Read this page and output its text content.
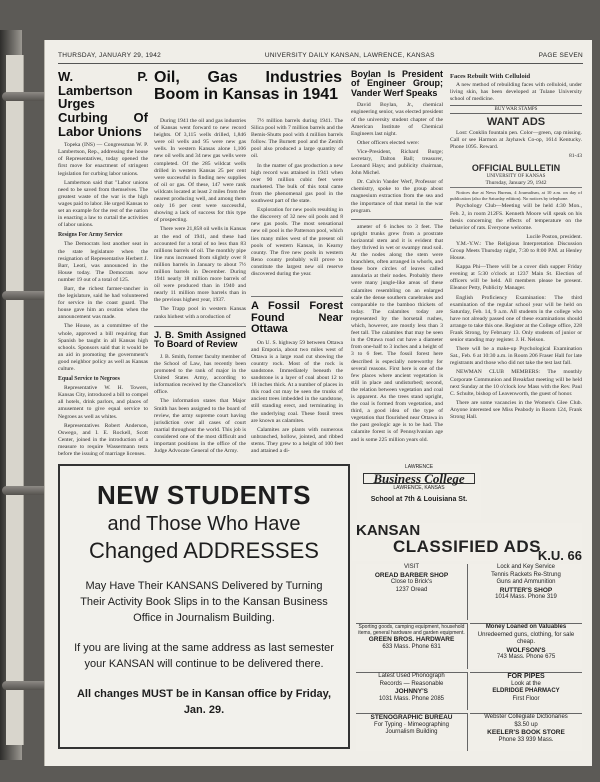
THURSDAY, JANUARY 29, 1942	UNIVERSITY DAILY KANSAN, LAWRENCE, KANSAS	PAGE SEVEN
W. P. Lambertson Urges Curbing Of Labor Unions

Topeka (INS) — Congressman W. P. Lambertson, Rep., addressing the house of Representatives, today opened the first move for enactment of stringent legislation for curbing labor unions.

Lambertson said that "Labor unions need to be saved from themselves. The greatest waste of the war is the high wages paid to labor. He urged Kansas to set an example for the rest of the nation in enacting a law to curtail the activities of labor unions.

Resigns For Army Service

The Democrats lost another seat in the state legislature when the resignation of Representative Herbert J. Barr, Leoti, was announced in the House today. The Democrats now number 19 out of a total of 125.

Barr, the richest farmer-rancher in the legislature, said he had volunteered for service in the coast guard. The house gave him an ovation when the announcement was made.

The House, as a committee of the whole, approved a bill requiring that Spanish be taught in all Kansas high schools. Sponsors said that it would be an aid in promoting the government's good neighbor policy as well as Kansas culture.

Equal Service to Negroes

Representative W. H. Towers, Kansas City, introduced a bill to compel all hotels, drink parlors, and places of amusement to give equal service to Negroes as well as whites.

Representatives Robert Anderson, Oswego, and I. E. Rockell, Scott Center, joined in the introduction of a measure to require Wassermann tests before the issuing of marriage licenses.

Oil, Gas Industries Boom in Kansas in 1941

During 1941 the oil and gas industries of Kansas went forward to new record heights. Of 3,115 wells drilled, 1,846 were oil wells and 95 were new gas wells. In western Kansas alone 1,106 new oil wells and 34 new gas wells were completed. Of the 285 wildcat wells drilled in western Kansas 25 per cent were successful in finding new supplies of oil or gas. Of these, 147 were rank wildcats located at least 2 miles from the nearest producing well, and among them only 16 per cent were successful, showing a lack of success for this type of prospecting.

There were 21,858 oil wells in Kansas at the end of 1941, and these had accounted for a total of no less than 83 millions barrels of oil. The monthly pipe line runs increased from slightly over 8 million barrels in January to about 7½ million barrels in December. During 1941 nearly 18 million more barrels of oil were produced than in 1940 and nearly 11 million more barrels than in the previous highest year, 1937.

The Trapp pool in western Kansas ranks highest with a production of

J. B. Smith Assigned To Board of Review

J. B. Smith, former faculty member of the School of Law, has recently been promoted to the rank of major in the United States Army, according to information received by the Chancellor's office.

The information states that Major Smith has been assigned to the board of review, the army supreme court having jurisdiction over all cases of court martial throughout the world. This job is considered one of the most difficult and important positions in the office of the Judge Advocate General of the Army.

7½ million barrels during 1941. The Silica pool with 7 million barrels and the Bemis-Shutts pool with 4 million barrels follow. The Burnett pool and the Zenith pool also produced a large quantity of oil.

In the matter of gas production a new high record was attained in 1941 when over 90 million cubic feet were marketed. The bulk of this total came from the phenomenal gas pool in the southwest part of the state.

Exploration for new pools resulting in the discovery of 32 new oil pools and 8 new gas pools. The most sensational new oil pool is the Patterson pool, which lies many miles west of the present oil pools of western Kansas, in Kearny county. The five new pools in western Reno county probably will prove to constitute the largest new oil reserve discovered during the year.

A Fossil Forest Found Near Ottawa

On U. S. highway 59 between Ottawa and Emporia, about two miles west of Ottawa is a large road cut showing the country rock. Most of the rock is sandstone. Immediately beneath the sandstone is a layer of coal about 12 to 18 inches thick. At a number of places in this road cut may be seen the trunks of ancient trees imbedded in the sandstone, still standing erect, and terminating in the underlying coal. These fossil trees are known as calamites.

Calamites are plants with numerous unbranched, hollow, jointed, and ribbed stems. They grew to a height of 100 feet and attained a di-

Boylan Is President of Engineer Group; Vander Werf Speaks

David Boylan, Jr., chemical engineering senior, was elected president of the university student chapter of the American Institute of Chemical Engineers last night.

Other officers elected were:

Vice-President, Richard Burge; secretary, Dalton Ball; treasurer, Leonard Hays; and publicity chairman, John Michel.

Dr. Calvin Vander Werf, Professor of chemistry, spoke to the group about magnesium extraction from the sea and the importance of that metal in the war program.

ameter of 6 inches to 3 feet. The upright trunks grew from a prostrate horizontal stem and it is evident that they thrived in wet or swampy mud soil. At the nodes along the stem were branchlets, often arranged in whorls, and these bore circles of leaves called annularia at their nodes. Probably there were many jungle-like areas of these calamites resembling on an enlarged scale the dense southern canebrakes and comparable to the bamboo thickets of today. The calamites today are represented by the horsetail rushes, which, however, are mostly less than 3 feet tall. The calamites that may be seen in the Ottawa road cut have a diameter from one-half to 3 inches and a height of 3 to 6 feet. The fossil forest here described is especially noteworthy for several reasons. First here is one of the few places where ancient vegetation is still in place and undisturbed; second, the relation between vegetation and coal is apparent. As the trees stand upright, the coal is formed from vegetation, and third, a good idea of the type of vegetation that flourished near Ottawa in the past geologic age is to be had. The calamite forest is of Pennsylvanian age and is some 225 million years old.

Faces Rebuilt With Celluloid

A new method of rebuilding faces with celluloid, under living skin, has been developed at Tulane University school of medicine.

BUY WAR STAMPS
WANT ADS

Lost: Conklin fountain pen. Color—green, cap missing. Call or see Harmon at Jayhawk Co-op, 1614 Kentucky. Phone 1095. Reward.

81-43
OFFICIAL BULLETIN
UNIVERSITY OF KANSAS
Thursday, January 29, 1942

Notices due at News Bureau, 4 Journalism, at 10 a.m. on day of publication (also the Saturday edition). No notices by telephone.

Psychology Club—Meeting will be held 4:30 Mon., Feb. 2, in room 212FS. Kenneth Moore will speak on his thesis concerning the effects of temperature on the behavior of rats. Everyone welcome.

Lucile Poston, president.

Y.M.-Y.W.: The Religious Interpretation Discussion Group Meets Thursday night, 7:30 to 8:00 P.M. at Henley House.

Kappa Phi—There will be a cover dish supper Friday evening at 5:30 o'clock at 1237 Main St. Election of officers will be held. All members please be present. Eleanor Petty, Publicity Manager.

English Proficiency Examination: The third examination of the regular school year will be held on Saturday, Feb. 14, 9 a.m. All students in the college who have not already passed one of these examinations should arrange to take this one. Register at the College office, 228 Frank Strong, by February 13. Only students of junior or senior standing may register. J. H. Nelson.

There will be a make-up Psychological Examination Sat., Feb. 6 at 10:30 a.m. in Room 206 Fraser Hall for late registrants and those who did not take the test last fall.

NEWMAN CLUB MEMBERS: The monthly Corporate Communion and Breakfast meeting will be held next Sunday at the 10 o'clock low Mass with the Rev. Paul C. Schulte, bishop of Leavenworth, the guest of honor.

There are some vacancies in the Women's Glee Club. Anyone interested see Miss Peabody in Room 124, Frank Strong Hall.

NEW STUDENTS
and Those Who Have
Changed ADDRESSES
May Have Their KANSANS Delivered by Turning Their Activity Book Slips in to the Kansan Business Office in Journalism Building.
If you are living at the same address as last semester your KANSAN will continue to be delivered there.
All changes MUST be in Kansan office by Friday, Jan. 29.
LAWRENCE
Business College
LAWRENCE, KANSAS
School at 7th & Louisiana St.
KANSAN
CLASSIFIED ADS
K.U. 66
VISIT
OREAD BARBER SHOP
Close to Brick's
1237 Oread
Lock and Key Service
Tennis Rackets Re-Strung
Guns and Ammunition
RUTTER'S SHOP
1014 Mass. Phone 319
Sporting goods, camping equipment, household items, general hardware and garden equipment.
GREEN BROS. HARDWARE
633 Mass. Phone 631
Money Loaned on Valuables
Unredeemed guns, clothing, for sale cheap.
WOLFSON'S
743 Mass. Phone 675
Latest Used Phonograph
Records — Reasonable
JOHNNY'S
1031 Mass. Phone 2085
FOR PIPES
Look at the
ELDRIDGE PHARMACY
First Floor
STENOGRAPHIC BUREAU
For Typing · Mimeographing
Journalism Building
Webster Collegiate Dictionaries
$3.50 up
KEELER'S BOOK STORE
Phone 33 939 Mass.
